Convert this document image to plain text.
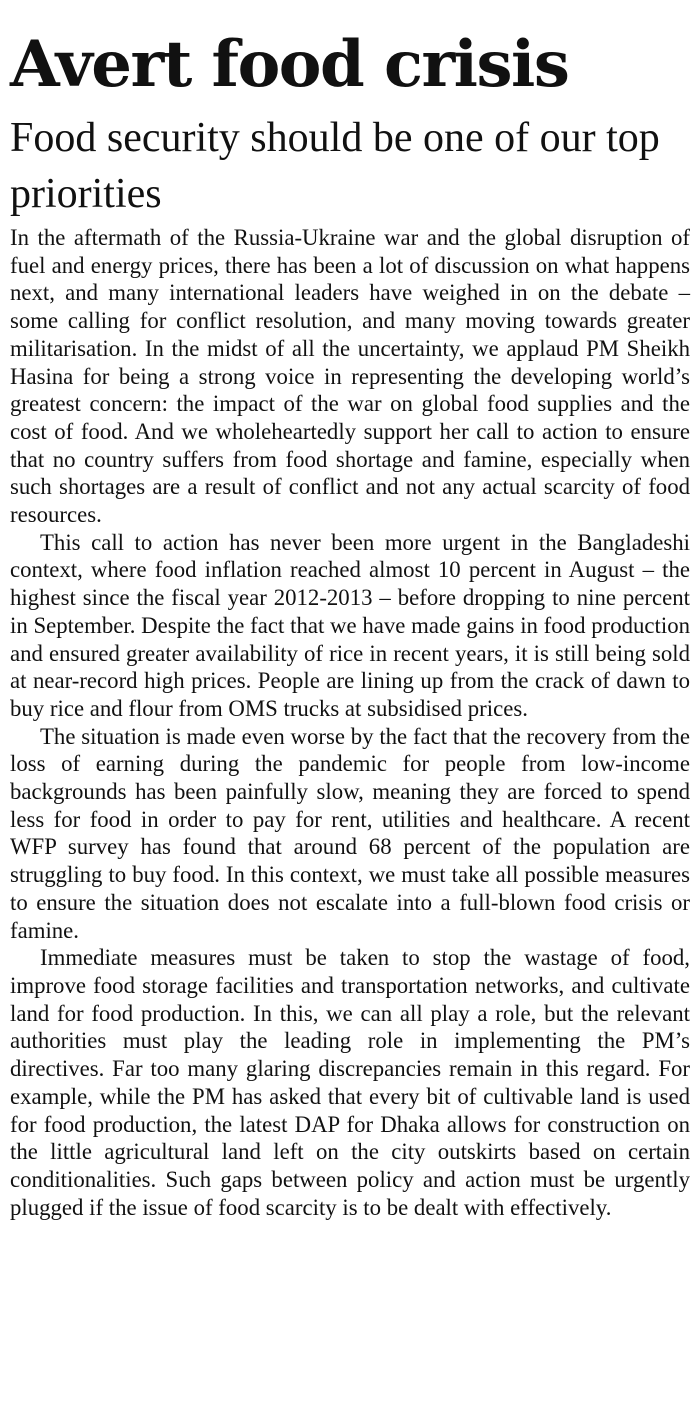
Avert food crisis
Food security should be one of our top priorities

In the aftermath of the Russia-Ukraine war and the global disruption of fuel and energy prices, there has been a lot of discussion on what happens next, and many international leaders have weighed in on the debate – some calling for conflict resolution, and many moving towards greater militarisation. In the midst of all the uncertainty, we applaud PM Sheikh Hasina for being a strong voice in representing the developing world’s greatest concern: the impact of the war on global food supplies and the cost of food. And we wholeheartedly support her call to action to ensure that no country suffers from food shortage and famine, especially when such shortages are a result of conflict and not any actual scarcity of food resources.

This call to action has never been more urgent in the Bangladeshi context, where food inflation reached almost 10 percent in August – the highest since the fiscal year 2012-2013 – before dropping to nine percent in September. Despite the fact that we have made gains in food production and ensured greater availability of rice in recent years, it is still being sold at near-record high prices. People are lining up from the crack of dawn to buy rice and flour from OMS trucks at subsidised prices.

The situation is made even worse by the fact that the recovery from the loss of earning during the pandemic for people from low-income backgrounds has been painfully slow, meaning they are forced to spend less for food in order to pay for rent, utilities and healthcare. A recent WFP survey has found that around 68 percent of the population are struggling to buy food. In this context, we must take all possible measures to ensure the situation does not escalate into a full-blown food crisis or famine.

Immediate measures must be taken to stop the wastage of food, improve food storage facilities and transportation networks, and cultivate land for food production. In this, we can all play a role, but the relevant authorities must play the leading role in implementing the PM’s directives. Far too many glaring discrepancies remain in this regard. For example, while the PM has asked that every bit of cultivable land is used for food production, the latest DAP for Dhaka allows for construction on the little agricultural land left on the city outskirts based on certain conditionalities. Such gaps between policy and action must be urgently plugged if the issue of food scarcity is to be dealt with effectively.
